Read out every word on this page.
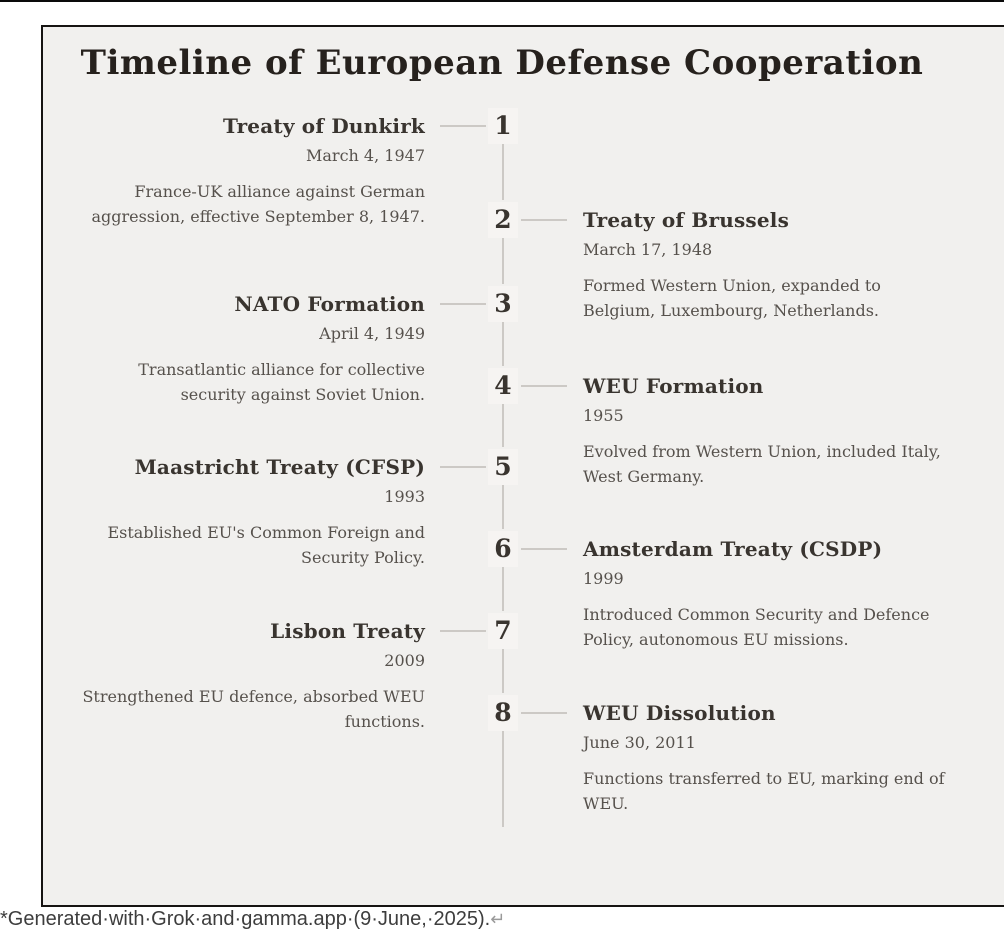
Timeline of European Defense Cooperation
1
2
3
4
5
6
7
8
Treaty of Dunkirk

March 4, 1947

France-UK alliance against German aggression, effective September 8, 1947.	Treaty of Brussels

March 17, 1948

Formed Western Union, expanded to Belgium, Luxembourg, Netherlands.

NATO Formation

April 4, 1949

Transatlantic alliance for collective security against Soviet Union.	WEU Formation

1955

Evolved from Western Union, included Italy, West Germany.

Maastricht Treaty (CFSP)

1993

Established EU's Common Foreign and Security Policy.	Amsterdam Treaty (CSDP)

1999

Introduced Common Security and Defence Policy, autonomous EU missions.

Lisbon Treaty

2009

Strengthened EU defence, absorbed WEU functions.	WEU Dissolution

June 30, 2011

Functions transferred to EU, marking end of WEU.

*Generated·with·Grok·and·gamma.app·(9·June,·2025).↵
